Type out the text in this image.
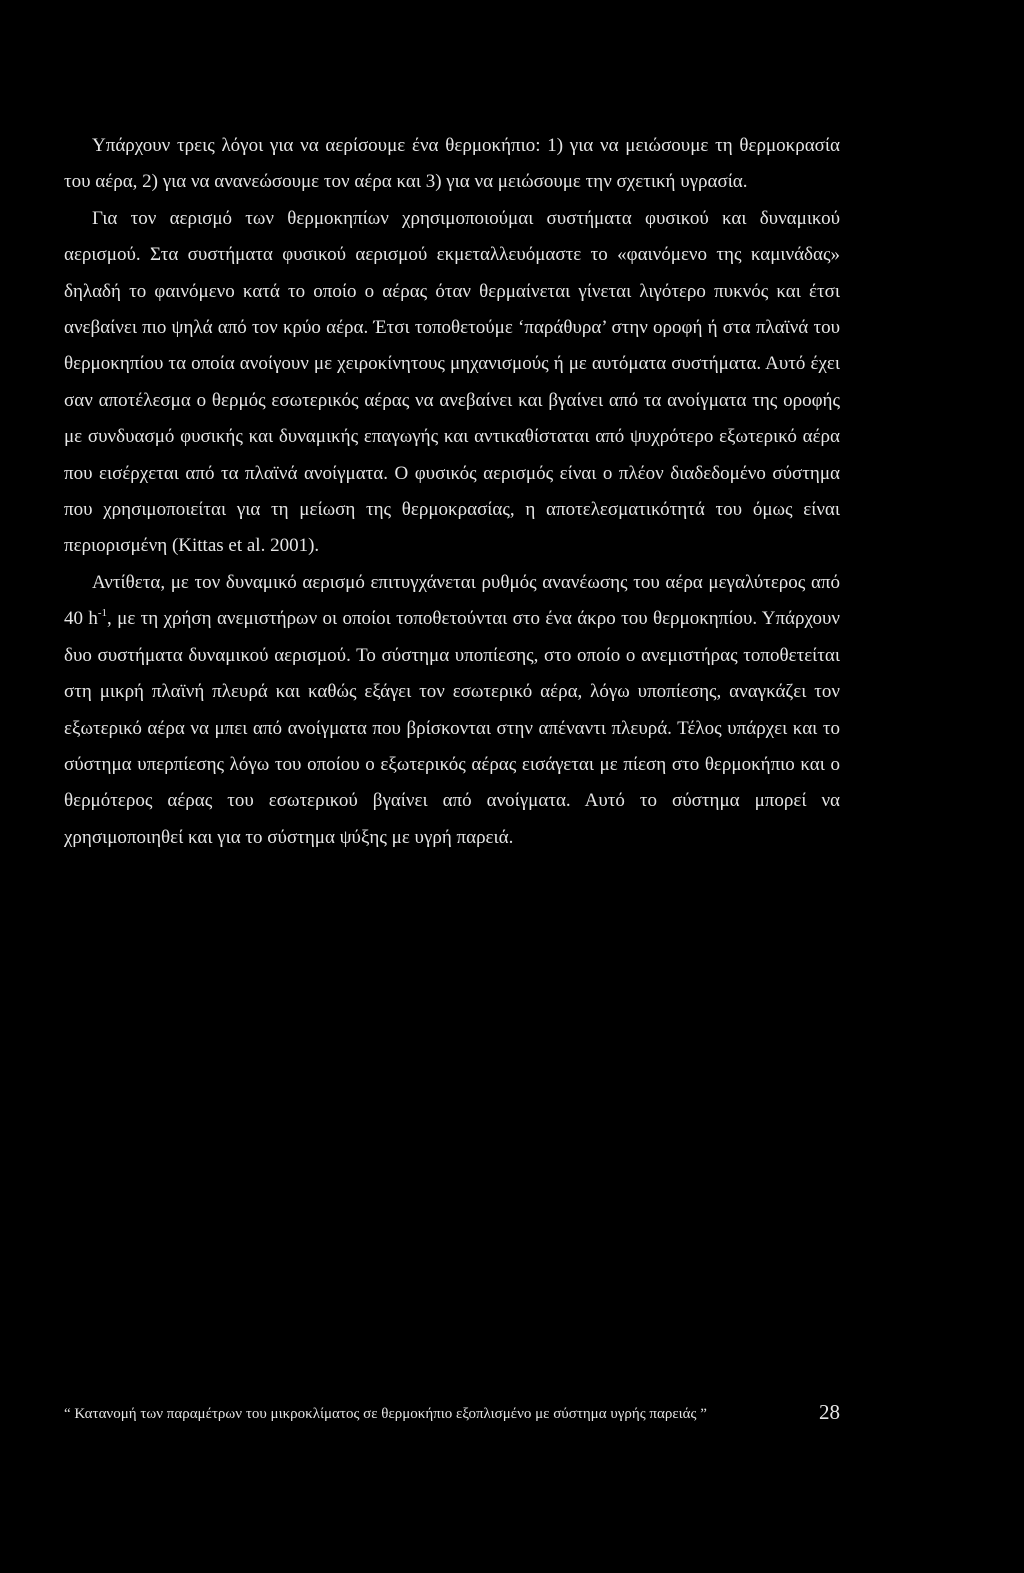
Υπάρχουν τρεις λόγοι για να αερίσουμε ένα θερμοκήπιο: 1) για να μειώσουμε τη θερμοκρασία του αέρα, 2) για να ανανεώσουμε τον αέρα και 3) για να μειώσουμε την σχετική υγρασία.

Για τον αερισμό των θερμοκηπίων χρησιμοποιούμαι συστήματα φυσικού και δυναμικού αερισμού. Στα συστήματα φυσικού αερισμού εκμεταλλευόμαστε το «φαινόμενο της καμινάδας» δηλαδή το φαινόμενο κατά το οποίο ο αέρας όταν θερμαίνεται γίνεται λιγότερο πυκνός και έτσι ανεβαίνει πιο ψηλά από τον κρύο αέρα. Έτσι τοποθετούμε ‘παράθυρα’ στην οροφή ή στα πλαϊνά του θερμοκηπίου τα οποία ανοίγουν με χειροκίνητους μηχανισμούς ή με αυτόματα συστήματα. Αυτό έχει σαν αποτέλεσμα ο θερμός εσωτερικός αέρας να ανεβαίνει και βγαίνει από τα ανοίγματα της οροφής με συνδυασμό φυσικής και δυναμικής επαγωγής και αντικαθίσταται από ψυχρότερο εξωτερικό αέρα που εισέρχεται από τα πλαϊνά ανοίγματα. Ο φυσικός αερισμός είναι ο πλέον διαδεδομένο σύστημα που χρησιμοποιείται για τη μείωση της θερμοκρασίας, η αποτελεσματικότητά του όμως είναι περιορισμένη (Kittas et al. 2001).

Αντίθετα, με τον δυναμικό αερισμό επιτυγχάνεται ρυθμός ανανέωσης του αέρα μεγαλύτερος από 40 $h^{-1}$, με τη χρήση ανεμιστήρων οι οποίοι τοποθετούνται στο ένα άκρο του θερμοκηπίου. Υπάρχουν δυο συστήματα δυναμικού αερισμού. Το σύστημα υποπίεσης, στο οποίο ο ανεμιστήρας τοποθετείται στη μικρή πλαϊνή πλευρά και καθώς εξάγει τον εσωτερικό αέρα, λόγω υποπίεσης, αναγκάζει τον εξωτερικό αέρα να μπει από ανοίγματα που βρίσκονται στην απέναντι πλευρά. Τέλος υπάρχει και το σύστημα υπερπίεσης λόγω του οποίου ο εξωτερικός αέρας εισάγεται με πίεση στο θερμοκήπιο και ο θερμότερος αέρας του εσωτερικού βγαίνει από ανοίγματα. Αυτό το σύστημα μπορεί να χρησιμοποιηθεί και για το σύστημα ψύξης με υγρή παρειά.

“ Κατανομή των παραμέτρων του μικροκλίματος σε θερμοκήπιο εξοπλισμένο με σύστημα υγρής παρειάς ”	28
